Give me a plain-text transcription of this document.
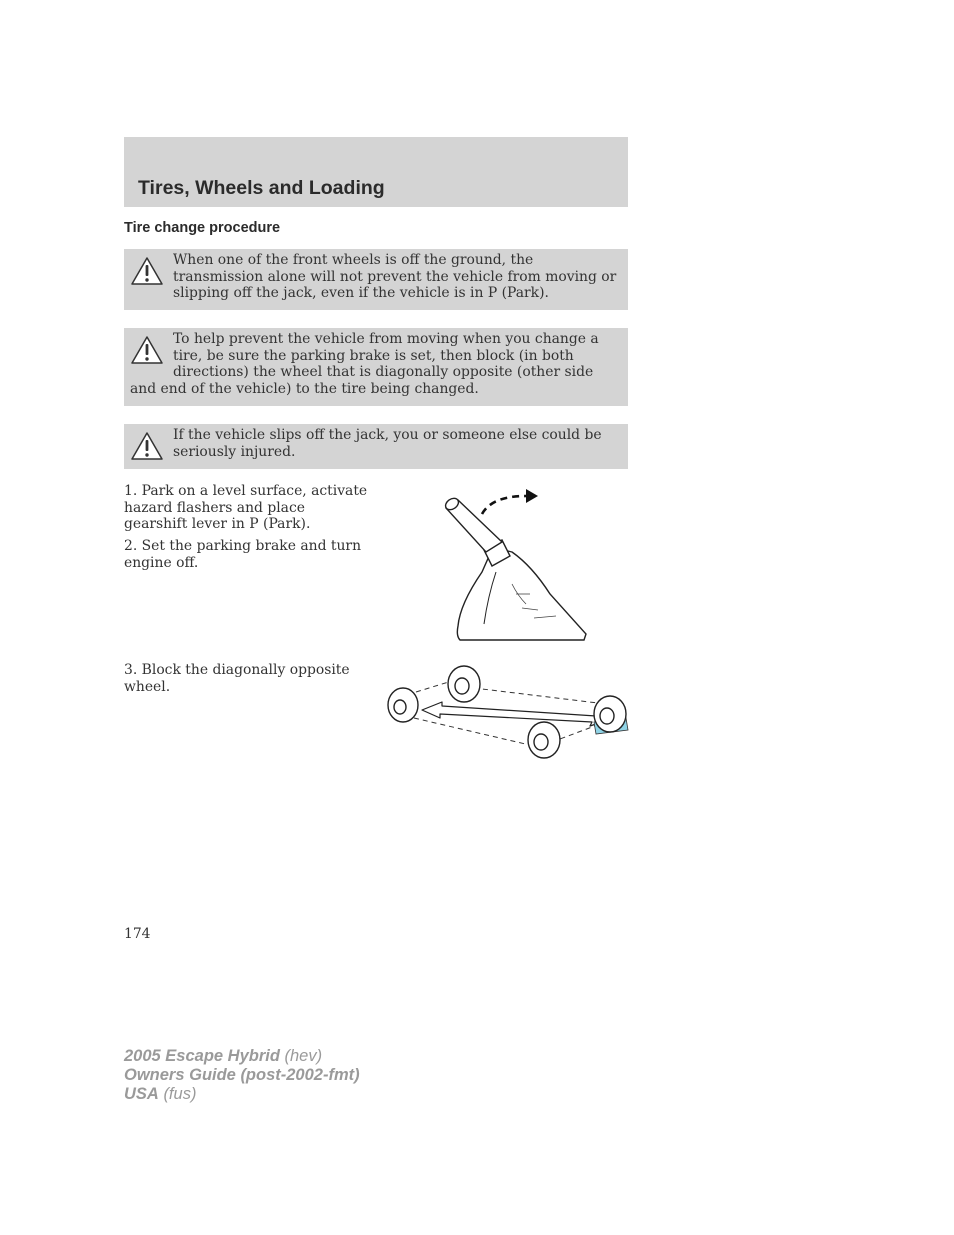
Tires, Wheels and Loading
Tire change procedure

When one of the front wheels is off the ground, the transmission alone will not prevent the vehicle from moving or slipping off the jack, even if the vehicle is in P (Park).

To help prevent the vehicle from moving when you change a tire, be sure the parking brake is set, then block (in both directions) the wheel that is diagonally opposite (other side and end of the vehicle) to the tire being changed.

If the vehicle slips off the jack, you or someone else could be seriously injured.

1. Park on a level surface, activate hazard flashers and place gearshift lever in P (Park).

2. Set the parking brake and turn engine off.

3. Block the diagonally opposite wheel.

174

2005 Escape Hybrid (hev)
Owners Guide (post-2002-fmt)
USA (fus)
